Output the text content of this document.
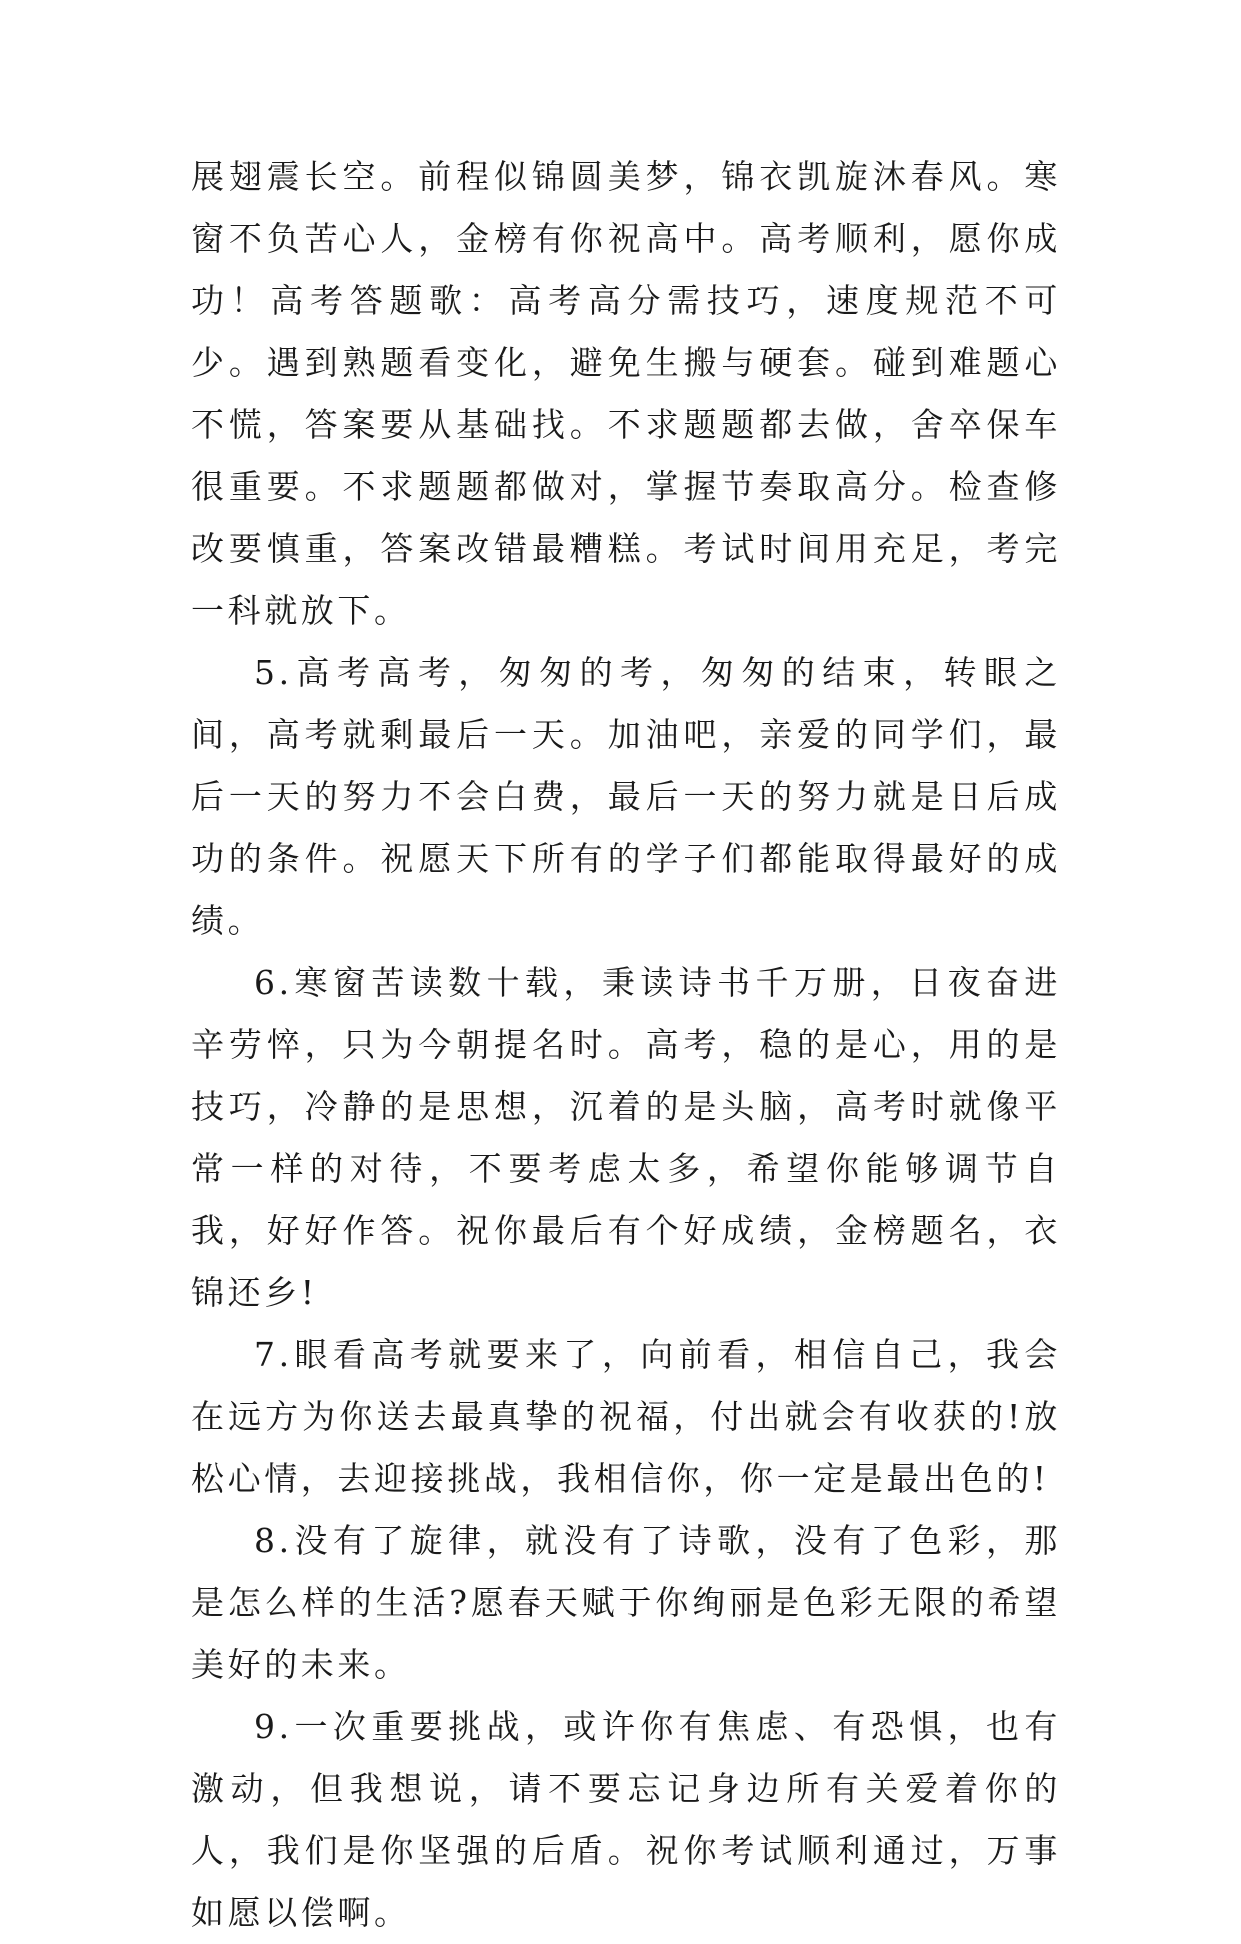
展翅震长空。前程似锦圆美梦，锦衣凯旋沐春风。寒窗不负苦心人，金榜有你祝高中。高考顺利，愿你成功！高考答题歌：高考高分需技巧，速度规范不可少。遇到熟题看变化，避免生搬与硬套。碰到难题心不慌，答案要从基础找。不求题题都去做，舍卒保车很重要。不求题题都做对，掌握节奏取高分。检查修改要慎重，答案改错最糟糕。考试时间用充足，考完一科就放下。

5.高考高考，匆匆的考，匆匆的结束，转眼之间，高考就剩最后一天。加油吧，亲爱的同学们，最后一天的努力不会白费，最后一天的努力就是日后成功的条件。祝愿天下所有的学子们都能取得最好的成绩。

6.寒窗苦读数十载，秉读诗书千万册，日夜奋进辛劳悴，只为今朝提名时。高考，稳的是心，用的是技巧，冷静的是思想，沉着的是头脑，高考时就像平常一样的对待，不要考虑太多，希望你能够调节自我，好好作答。祝你最后有个好成绩，金榜题名，衣锦还乡!

7.眼看高考就要来了，向前看，相信自己，我会在远方为你送去最真挚的祝福，付出就会有收获的!放松心情，去迎接挑战，我相信你，你一定是最出色的!

8.没有了旋律，就没有了诗歌，没有了色彩，那是怎么样的生活?愿春天赋于你绚丽是色彩无限的希望美好的未来。

9.一次重要挑战，或许你有焦虑、有恐惧，也有激动，但我想说，请不要忘记身边所有关爱着你的人，我们是你坚强的后盾。祝你考试顺利通过，万事如愿以偿啊。
